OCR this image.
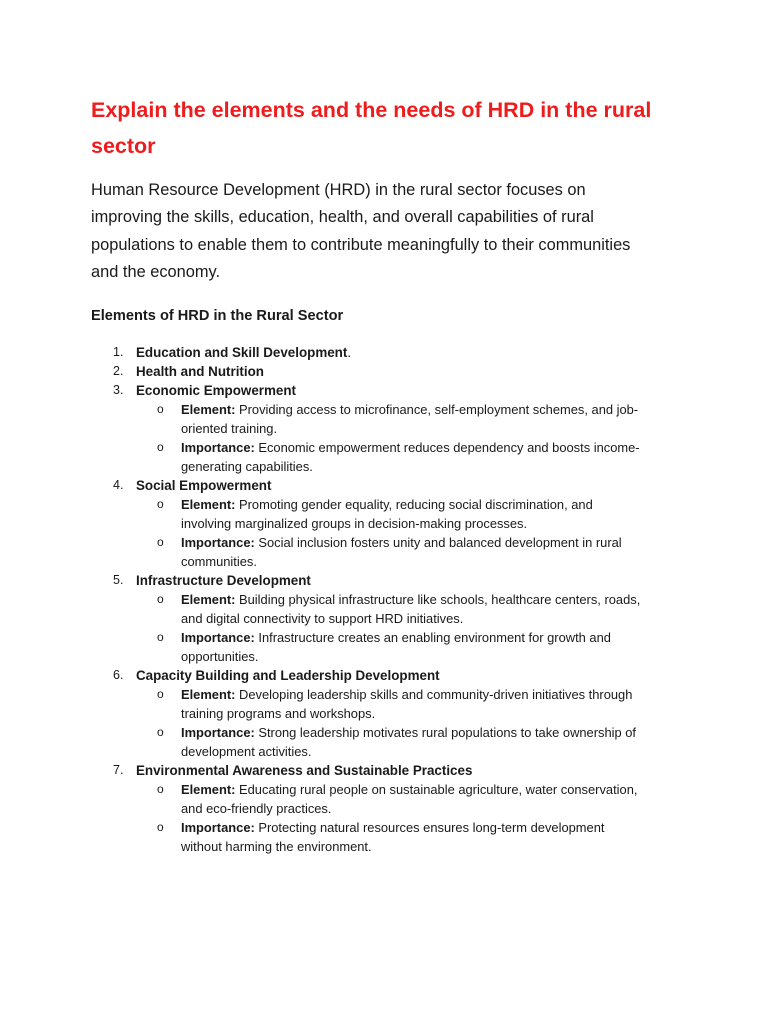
Explain the elements and the needs of HRD in the rural sector

Human Resource Development (HRD) in the rural sector focuses on
improving the skills, education, health, and overall capabilities of rural
populations to enable them to contribute meaningfully to their communities
and the economy.

Elements of HRD in the Rural Sector
1. Education and Skill Development.
2. Health and Nutrition
3. Economic Empowerment
o Element: Providing access to microfinance, self-employment schemes, and job-
oriented training.
o Importance: Economic empowerment reduces dependency and boosts income-
generating capabilities.
4. Social Empowerment
o Element: Promoting gender equality, reducing social discrimination, and
involving marginalized groups in decision-making processes.
o Importance: Social inclusion fosters unity and balanced development in rural
communities.
5. Infrastructure Development
o Element: Building physical infrastructure like schools, healthcare centers, roads,
and digital connectivity to support HRD initiatives.
o Importance: Infrastructure creates an enabling environment for growth and
opportunities.
6. Capacity Building and Leadership Development
o Element: Developing leadership skills and community-driven initiatives through
training programs and workshops.
o Importance: Strong leadership motivates rural populations to take ownership of
development activities.
7. Environmental Awareness and Sustainable Practices
o Element: Educating rural people on sustainable agriculture, water conservation,
and eco-friendly practices.
o Importance: Protecting natural resources ensures long-term development
without harming the environment.
